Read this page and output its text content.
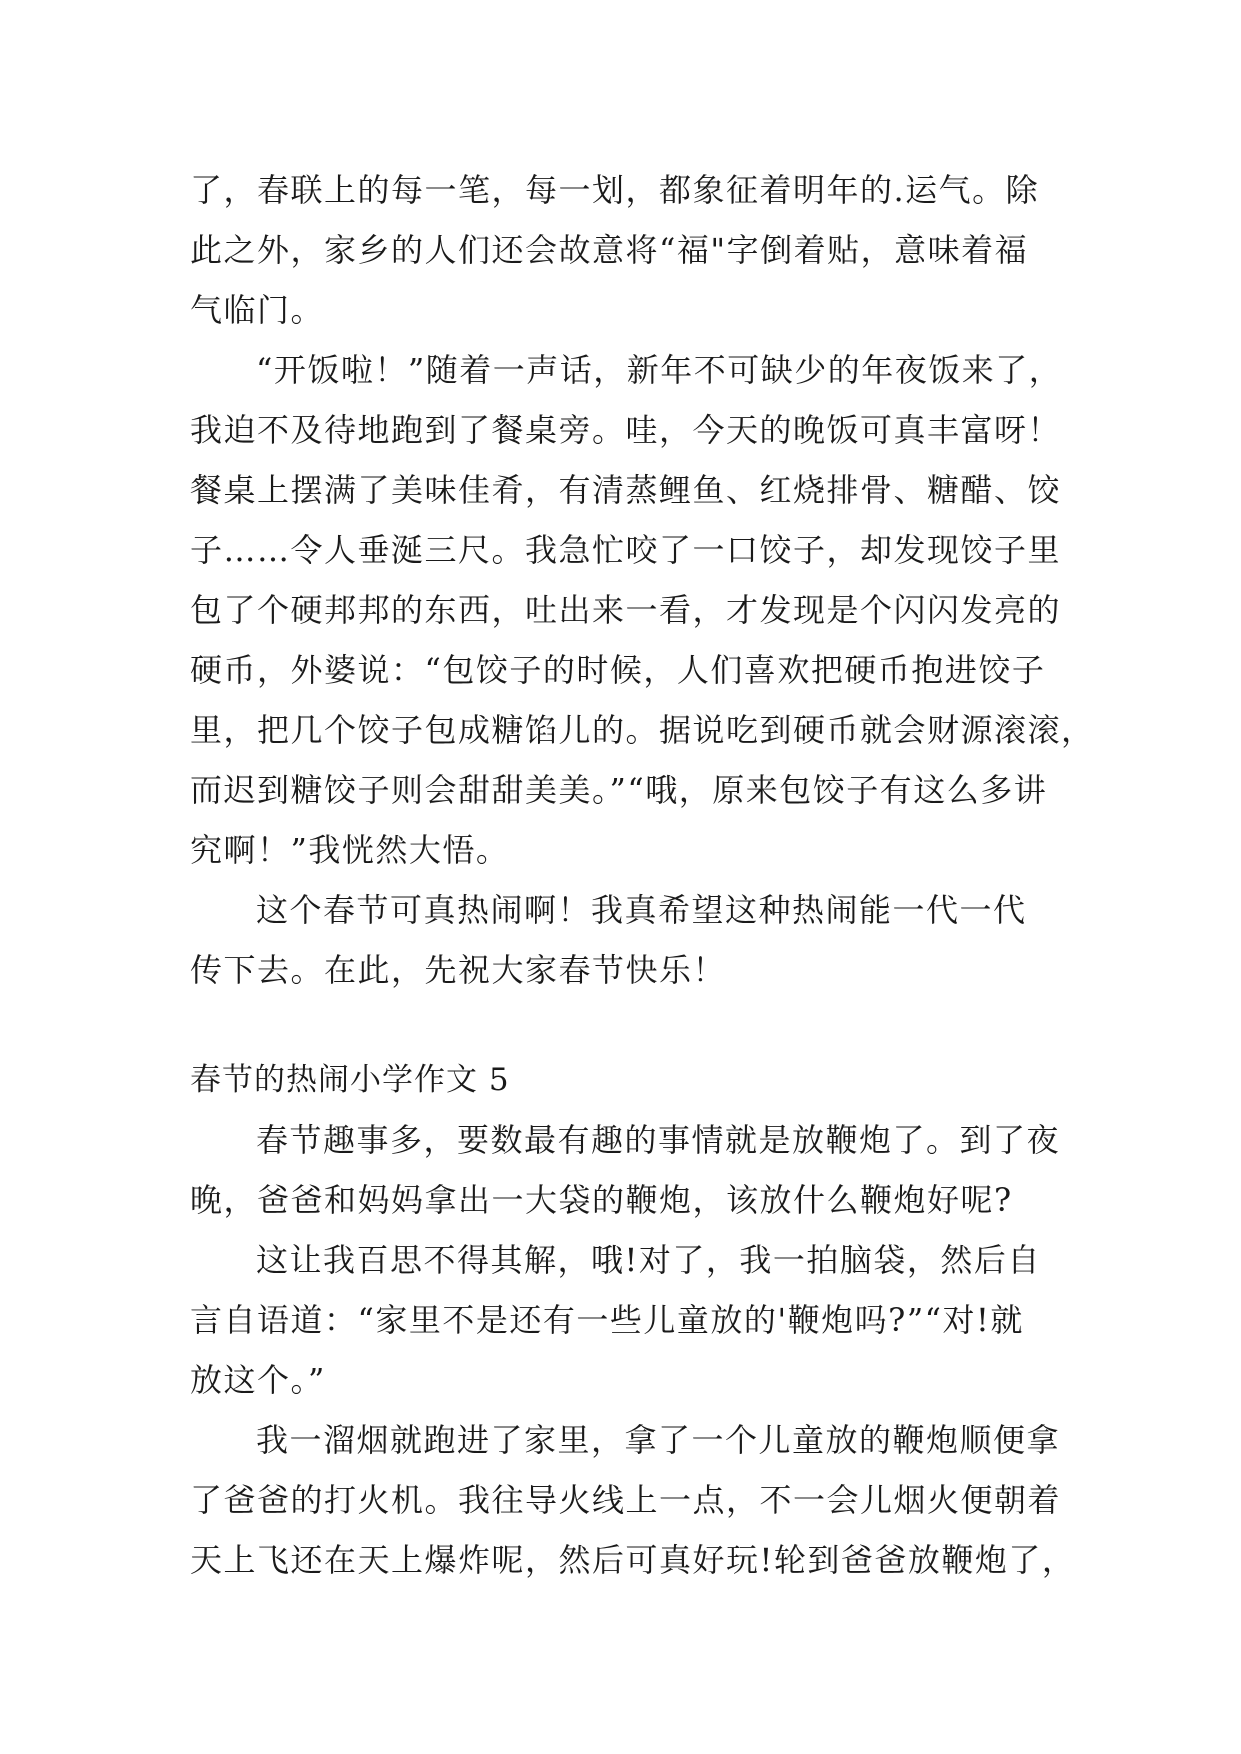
了，春联上的每一笔，每一划，都象征着明年的.运气。除
此之外，家乡的人们还会故意将“福"字倒着贴，意味着福
气临门。
“开饭啦！”随着一声话，新年不可缺少的年夜饭来了，
我迫不及待地跑到了餐桌旁。哇，今天的晚饭可真丰富呀！
餐桌上摆满了美味佳肴，有清蒸鲤鱼、红烧排骨、糖醋、饺
子……令人垂涎三尺。我急忙咬了一口饺子，却发现饺子里
包了个硬邦邦的东西，吐出来一看，才发现是个闪闪发亮的
硬币，外婆说：“包饺子的时候，人们喜欢把硬币抱进饺子
里，把几个饺子包成糖馅儿的。据说吃到硬币就会财源滚滚，
而迟到糖饺子则会甜甜美美。”“哦，原来包饺子有这么多讲
究啊！”我恍然大悟。
这个春节可真热闹啊！我真希望这种热闹能一代一代
传下去。在此，先祝大家春节快乐！
春节的热闹小学作文 5
春节趣事多，要数最有趣的事情就是放鞭炮了。到了夜
晚，爸爸和妈妈拿出一大袋的鞭炮，该放什么鞭炮好呢?
这让我百思不得其解，哦!对了，我一拍脑袋，然后自
言自语道：“家里不是还有一些儿童放的'鞭炮吗?”“对!就
放这个。”
我一溜烟就跑进了家里，拿了一个儿童放的鞭炮顺便拿
了爸爸的打火机。我往导火线上一点，不一会儿烟火便朝着
天上飞还在天上爆炸呢，然后可真好玩!轮到爸爸放鞭炮了，
